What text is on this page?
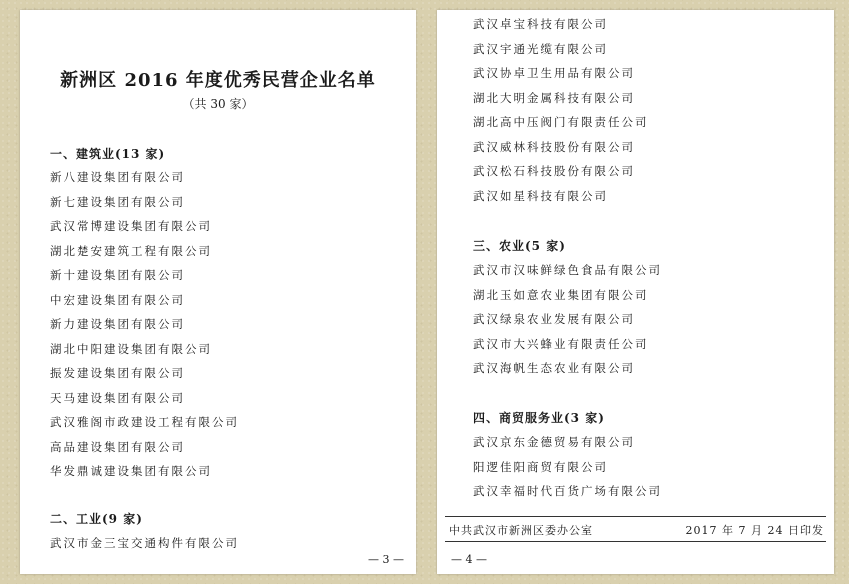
新洲区 2016 年度优秀民营企业名单
（共 30 家）
一、建筑业(13 家)
新八建设集团有限公司
新七建设集团有限公司
武汉常博建设集团有限公司
湖北楚安建筑工程有限公司
新十建设集团有限公司
中宏建设集团有限公司
新力建设集团有限公司
湖北中阳建设集团有限公司
振发建设集团有限公司
天马建设集团有限公司
武汉雅阁市政建设工程有限公司
高品建设集团有限公司
华发鼎诚建设集团有限公司
二、工业(9 家)
武汉市金三宝交通构件有限公司
— 3 —
武汉卓宝科技有限公司
武汉宇通光缆有限公司
武汉协卓卫生用品有限公司
湖北大明金属科技有限公司
湖北高中压阀门有限责任公司
武汉威林科技股份有限公司
武汉松石科技股份有限公司
武汉如星科技有限公司
三、农业(5 家)
武汉市汉味鲜绿色食品有限公司
湖北玉如意农业集团有限公司
武汉绿泉农业发展有限公司
武汉市大兴蜂业有限责任公司
武汉海帆生态农业有限公司
四、商贸服务业(3 家)
武汉京东金德贸易有限公司
阳逻佳阳商贸有限公司
武汉幸福时代百货广场有限公司
中共武汉市新洲区委办公室	2017 年 7 月 24 日印发
— 4 —
